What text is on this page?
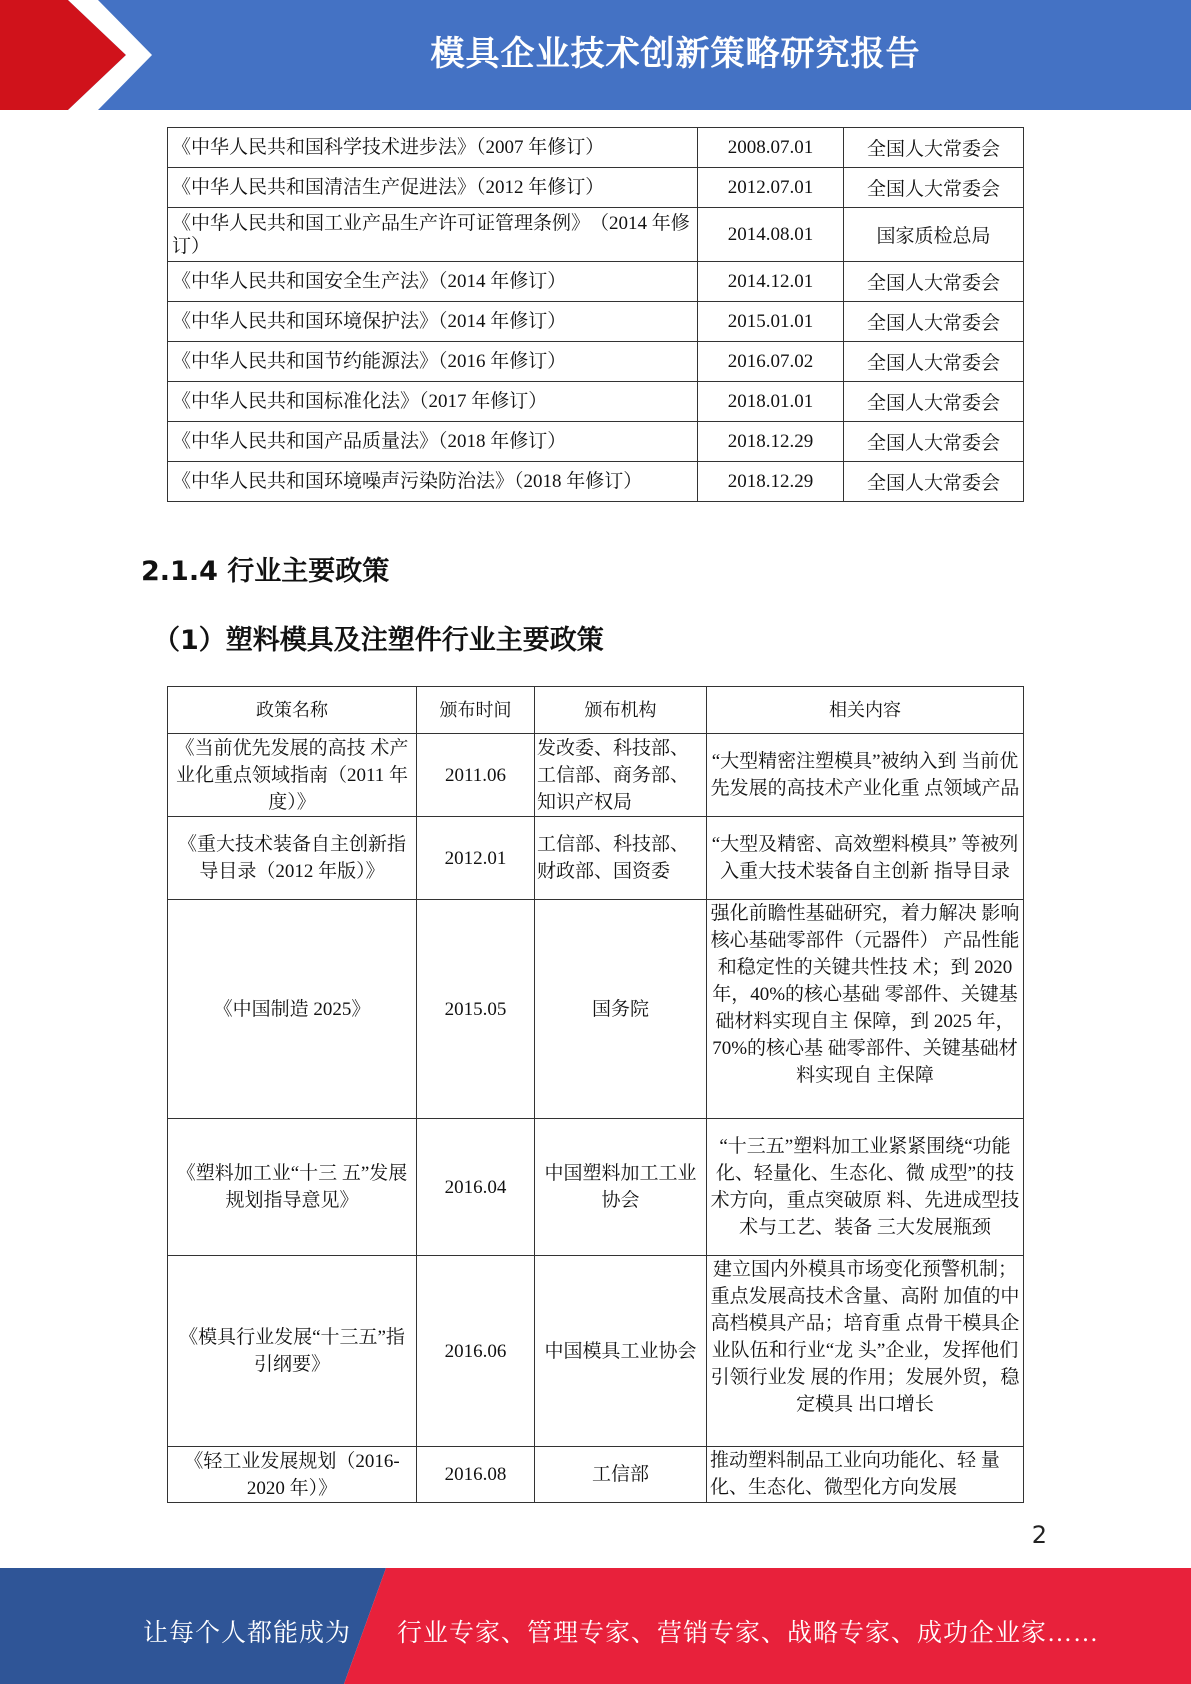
模具企业技术创新策略研究报告
《中华人民共和国科学技术进步法》（2007 年修订）	2008.07.01	全国人大常委会
《中华人民共和国清洁生产促进法》（2012 年修订）	2012.07.01	全国人大常委会
《中华人民共和国工业产品生产许可证管理条例》　（2014 年修订）	2014.08.01	国家质检总局
《中华人民共和国安全生产法》（2014 年修订）	2014.12.01	全国人大常委会
《中华人民共和国环境保护法》（2014 年修订）	2015.01.01	全国人大常委会
《中华人民共和国节约能源法》（2016 年修订）	2016.07.02	全国人大常委会
《中华人民共和国标准化法》（2017 年修订）	2018.01.01	全国人大常委会
《中华人民共和国产品质量法》（2018 年修订）	2018.12.29	全国人大常委会
《中华人民共和国环境噪声污染防治法》（2018 年修订）	2018.12.29	全国人大常委会
2.1.4 行业主要政策
（1）塑料模具及注塑件行业主要政策
政策名称	颁布时间	颁布机构	相关内容
《当前优先发展的高技 术产业化重点领域指南（2011 年度）》	2011.06	发改委、科技部、工信部、商务部、知识产权局	“大型精密注塑模具”被纳入到 当前优先发展的高技术产业化重 点领域产品
《重大技术装备自主创新指导目录（2012 年版）》	2012.01	工信部、科技部、财政部、国资委	“大型及精密、高效塑料模具” 等被列入重大技术装备自主创新 指导目录
《中国制造 2025》	2015.05	国务院	强化前瞻性基础研究，着力解决 影响核心基础零部件（元器件） 产品性能和稳定性的关键共性技 术；到 2020 年，40%的核心基础 零部件、关键基础材料实现自主 保障，到 2025 年，70%的核心基 础零部件、关键基础材料实现自 主保障
《塑料加工业“十三 五”发展规划指导意见》	2016.04	中国塑料加工工业协会	“十三五”塑料加工业紧紧围绕“功能化、轻量化、生态化、微 成型”的技术方向，重点突破原 料、先进成型技术与工艺、装备 三大发展瓶颈
《模具行业发展“十三五”指引纲要》	2016.06	中国模具工业协会	建立国内外模具市场变化预警机制；重点发展高技术含量、高附 加值的中高档模具产品；培育重 点骨干模具企业队伍和行业“龙 头”企业，发挥他们引领行业发 展的作用；发展外贸，稳定模具 出口增长
《轻工业发展规划（2016-2020 年）》	2016.08	工信部	推动塑料制品工业向功能化、轻 量化、生态化、微型化方向发展
2
让每个人都能成为 行业专家、管理专家、营销专家、战略专家、成功企业家……
